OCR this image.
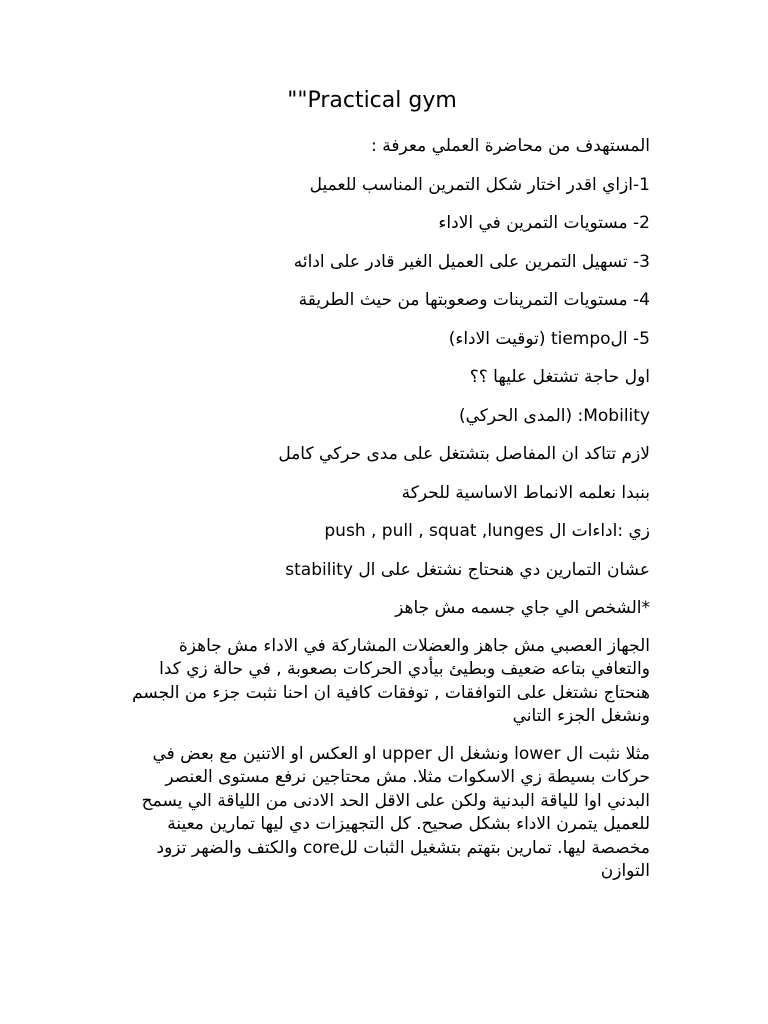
""Practical gym
المستهدف من محاضرة العملي معرفة :
1-ازاي اقدر اختار شكل التمرين المناسب للعميل
2- مستويات التمرين في الاداء
3- تسهيل التمرين على العميل الغير قادر على ادائه
4- مستويات التمرينات وصعوبتها من حيث الطريقة
5- الtiempo (توقيت الاداء)
اول حاجة تشتغل عليها ؟؟
Mobility: (المدى الحركي)
لازم تتاكد ان المفاصل بتشتغل على مدى حركي كامل
بنبدا نعلمه الانماط الاساسية للحركة
زي :اداءات ال push , pull , squat ,lunges
عشان التمارين دي هنحتاج نشتغل على ال stability
*الشخص الي جاي جسمه مش جاهز
الجهاز العصبي مش جاهز والعضلات المشاركة في الاداء مش جاهزة والتعافي بتاعه ضعيف وبطيئ بيأدي الحركات بصعوبة , في حالة زي كدا هنحتاج نشتغل على التوافقات , توفقات كافية ان احنا نثبت جزء من الجسم ونشغل الجزء التاني
مثلا نثبت ال lower ونشغل ال upper او العكس او الاتنين مع بعض في حركات بسيطة زي الاسكوات مثلا. مش محتاجين نرفع مستوى العنصر البدني اوا للياقة البدنية ولكن على الاقل الحد الادنى من اللياقة الي يسمح للعميل يتمرن الاداء بشكل صحيح. كل التجهيزات دي ليها تمارين معينة مخصصة ليها. تمارين بتهتم بتشغيل الثبات للcore والكتف والضهر تزود التوازن
